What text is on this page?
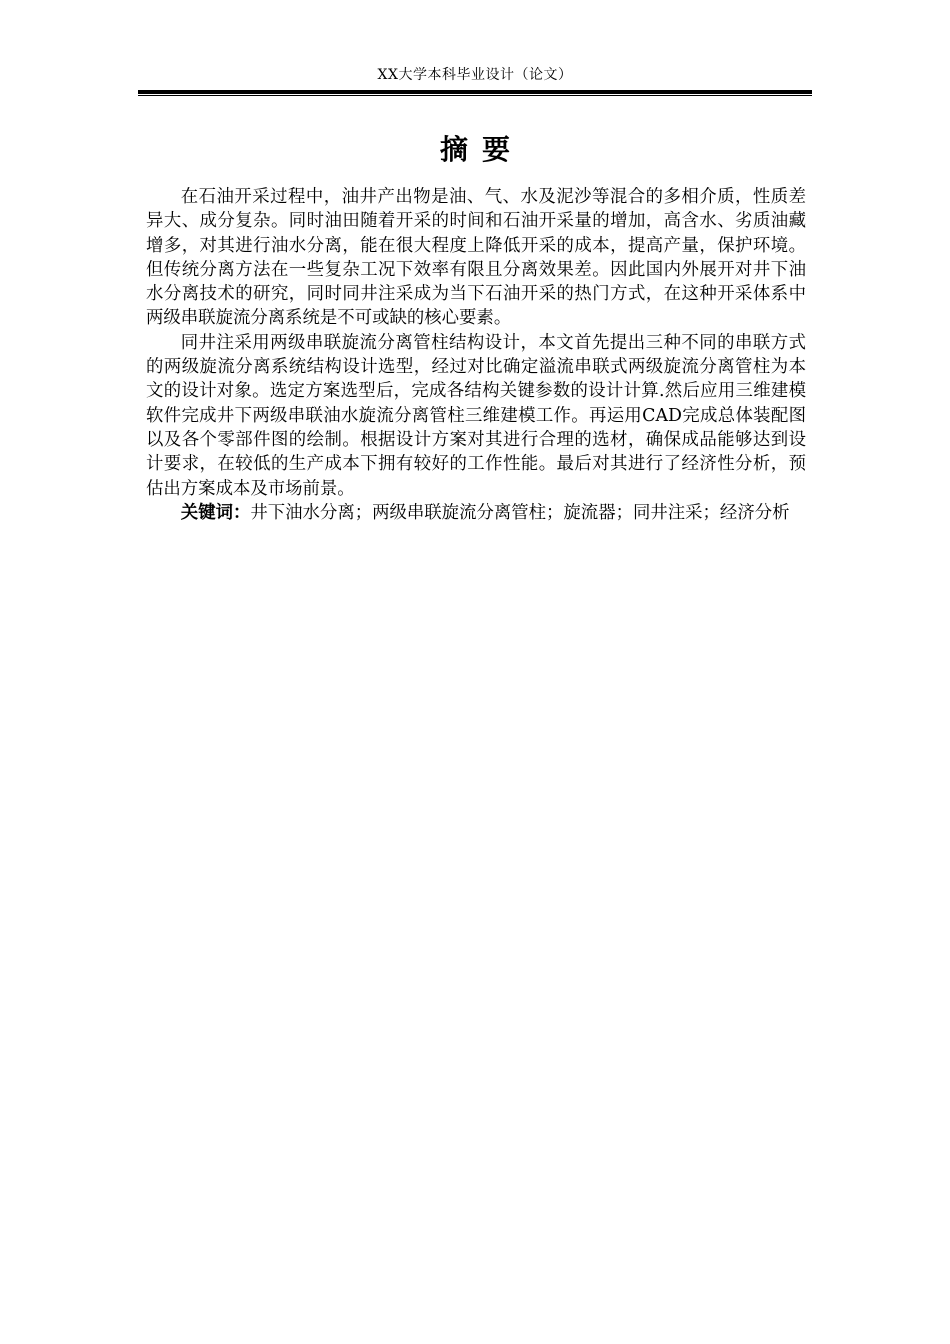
XX大学本科毕业设计（论文）
摘要

在石油开采过程中，油井产出物是油、气、水及泥沙等混合的多相介质，性质差异大、成分复杂。同时油田随着开采的时间和石油开采量的增加，高含水、劣质油藏增多，对其进行油水分离，能在很大程度上降低开采的成本，提高产量，保护环境。但传统分离方法在一些复杂工况下效率有限且分离效果差。因此国内外展开对井下油水分离技术的研究，同时同井注采成为当下石油开采的热门方式，在这种开采体系中两级串联旋流分离系统是不可或缺的核心要素。

同井注采用两级串联旋流分离管柱结构设计，本文首先提出三种不同的串联方式的两级旋流分离系统结构设计选型，经过对比确定溢流串联式两级旋流分离管柱为本文的设计对象。选定方案选型后，完成各结构关键参数的设计计算.然后应用三维建模软件完成井下两级串联油水旋流分离管柱三维建模工作。再运用CAD完成总体装配图以及各个零部件图的绘制。根据设计方案对其进行合理的选材，确保成品能够达到设计要求，在较低的生产成本下拥有较好的工作性能。最后对其进行了经济性分析，预估出方案成本及市场前景。

关键词：井下油水分离；两级串联旋流分离管柱；旋流器；同井注采；经济分析
